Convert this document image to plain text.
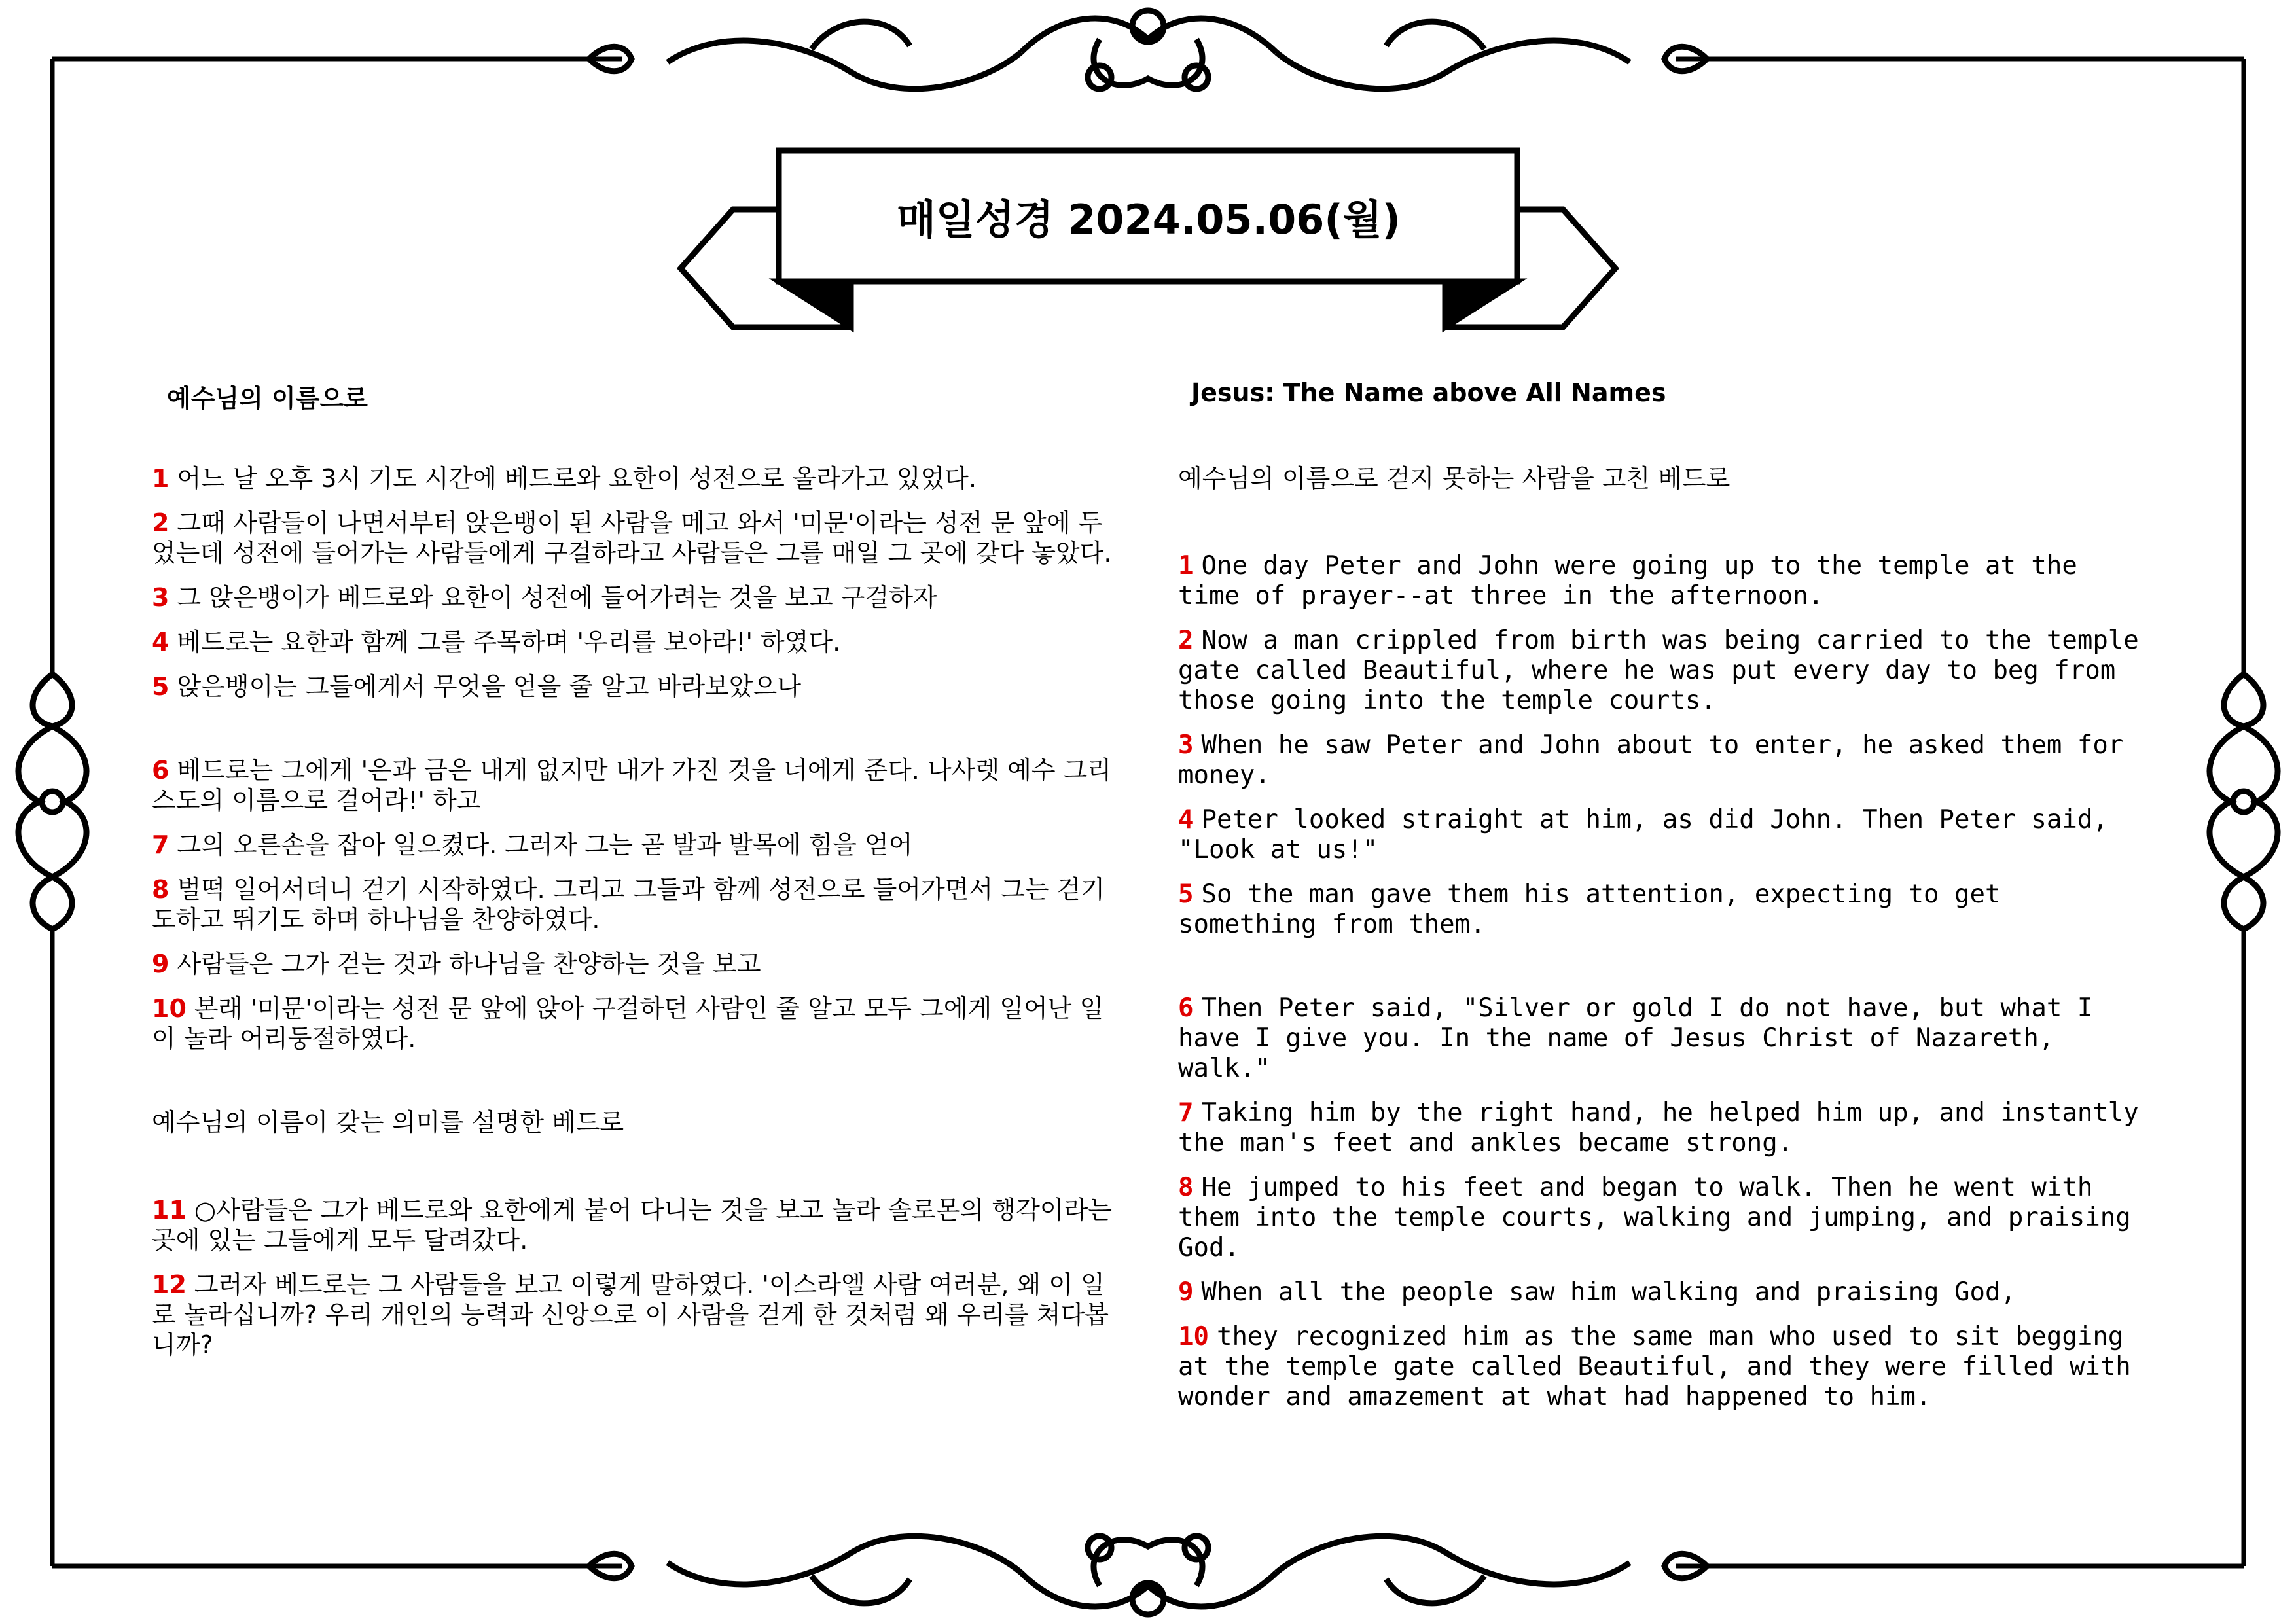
매일성경 2024.05.06(월)
예수님의 이름으로	Jesus: The Name above All Names

1 어느 날 오후 3시 기도 시간에 베드로와 요한이 성전으로 올라가고 있었다.

2 그때 사람들이 나면서부터 앉은뱅이 된 사람을 메고 와서 '미문'이라는 성전 문 앞에 두었는데 성전에 들어가는 사람들에게 구걸하라고 사람들은 그를 매일 그 곳에 갖다 놓았다.

3 그 앉은뱅이가 베드로와 요한이 성전에 들어가려는 것을 보고 구걸하자

4 베드로는 요한과 함께 그를 주목하며 '우리를 보아라!' 하였다.

5 앉은뱅이는 그들에게서 무엇을 얻을 줄 알고 바라보았으나

6 베드로는 그에게 '은과 금은 내게 없지만 내가 가진 것을 너에게 준다. 나사렛 예수 그리스도의 이름으로 걸어라!' 하고

7 그의 오른손을 잡아 일으켰다. 그러자 그는 곧 발과 발목에 힘을 얻어

8 벌떡 일어서더니 걷기 시작하였다. 그리고 그들과 함께 성전으로 들어가면서 그는 걷기 도하고 뛰기도 하며 하나님을 찬양하였다.

9 사람들은 그가 걷는 것과 하나님을 찬양하는 것을 보고

10 본래 '미문'이라는 성전 문 앞에 앉아 구걸하던 사람인 줄 알고 모두 그에게 일어난 일이 놀라 어리둥절하였다.

예수님의 이름이 갖는 의미를 설명한 베드로

11 ○사람들은 그가 베드로와 요한에게 붙어 다니는 것을 보고 놀라 솔로몬의 행각이라는 곳에 있는 그들에게 모두 달려갔다.

12 그러자 베드로는 그 사람들을 보고 이렇게 말하였다. '이스라엘 사람 여러분, 왜 이 일로 놀라십니까? 우리 개인의 능력과 신앙으로 이 사람을 걷게 한 것처럼 왜 우리를 쳐다봅니까?

예수님의 이름으로 걷지 못하는 사람을 고친 베드로

1 One day Peter and John were going up to the temple at the time of prayer--at three in the afternoon.

2 Now a man crippled from birth was being carried to the temple gate called Beautiful, where he was put every day to beg from those going into the temple courts.

3 When he saw Peter and John about to enter, he asked them for money.

4 Peter looked straight at him, as did John. Then Peter said, "Look at us!"

5 So the man gave them his attention, expecting to get something from them.

6 Then Peter said, "Silver or gold I do not have, but what I have I give you. In the name of Jesus Christ of Nazareth, walk."

7 Taking him by the right hand, he helped him up, and instantly the man's feet and ankles became strong.

8 He jumped to his feet and began to walk. Then he went with them into the temple courts, walking and jumping, and praising God.

9 When all the people saw him walking and praising God,

10 they recognized him as the same man who used to sit begging at the temple gate called Beautiful, and they were filled with wonder and amazement at what had happened to him.
